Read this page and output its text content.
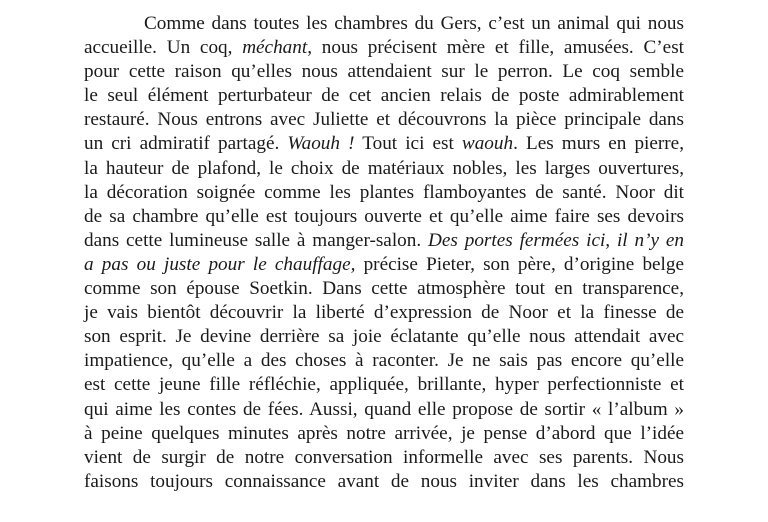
Comme dans toutes les chambres du Gers, c’est un animal qui nous
accueille. Un coq, méchant, nous précisent mère et fille, amusées. C’est
pour cette raison qu’elles nous attendaient sur le perron. Le coq semble
le seul élément perturbateur de cet ancien relais de poste admirablement
restauré. Nous entrons avec Juliette et découvrons la pièce principale dans
un cri admiratif partagé. Waouh ! Tout ici est waouh. Les murs en pierre,
la hauteur de plafond, le choix de matériaux nobles, les larges ouvertures,
la décoration soignée comme les plantes flamboyantes de santé. Noor dit
de sa chambre qu’elle est toujours ouverte et qu’elle aime faire ses devoirs
dans cette lumineuse salle à manger-salon. Des portes fermées ici, il n’y en
a pas ou juste pour le chauffage, précise Pieter, son père, d’origine belge
comme son épouse Soetkin. Dans cette atmosphère tout en transparence,
je vais bientôt découvrir la liberté d’expression de Noor et la finesse de
son esprit. Je devine derrière sa joie éclatante qu’elle nous attendait avec
impatience, qu’elle a des choses à raconter. Je ne sais pas encore qu’elle
est cette jeune fille réfléchie, appliquée, brillante, hyper perfectionniste et
qui aime les contes de fées. Aussi, quand elle propose de sortir « l’album »
à peine quelques minutes après notre arrivée, je pense d’abord que l’idée
vient de surgir de notre conversation informelle avec ses parents. Nous
faisons toujours connaissance avant de nous inviter dans les chambres
